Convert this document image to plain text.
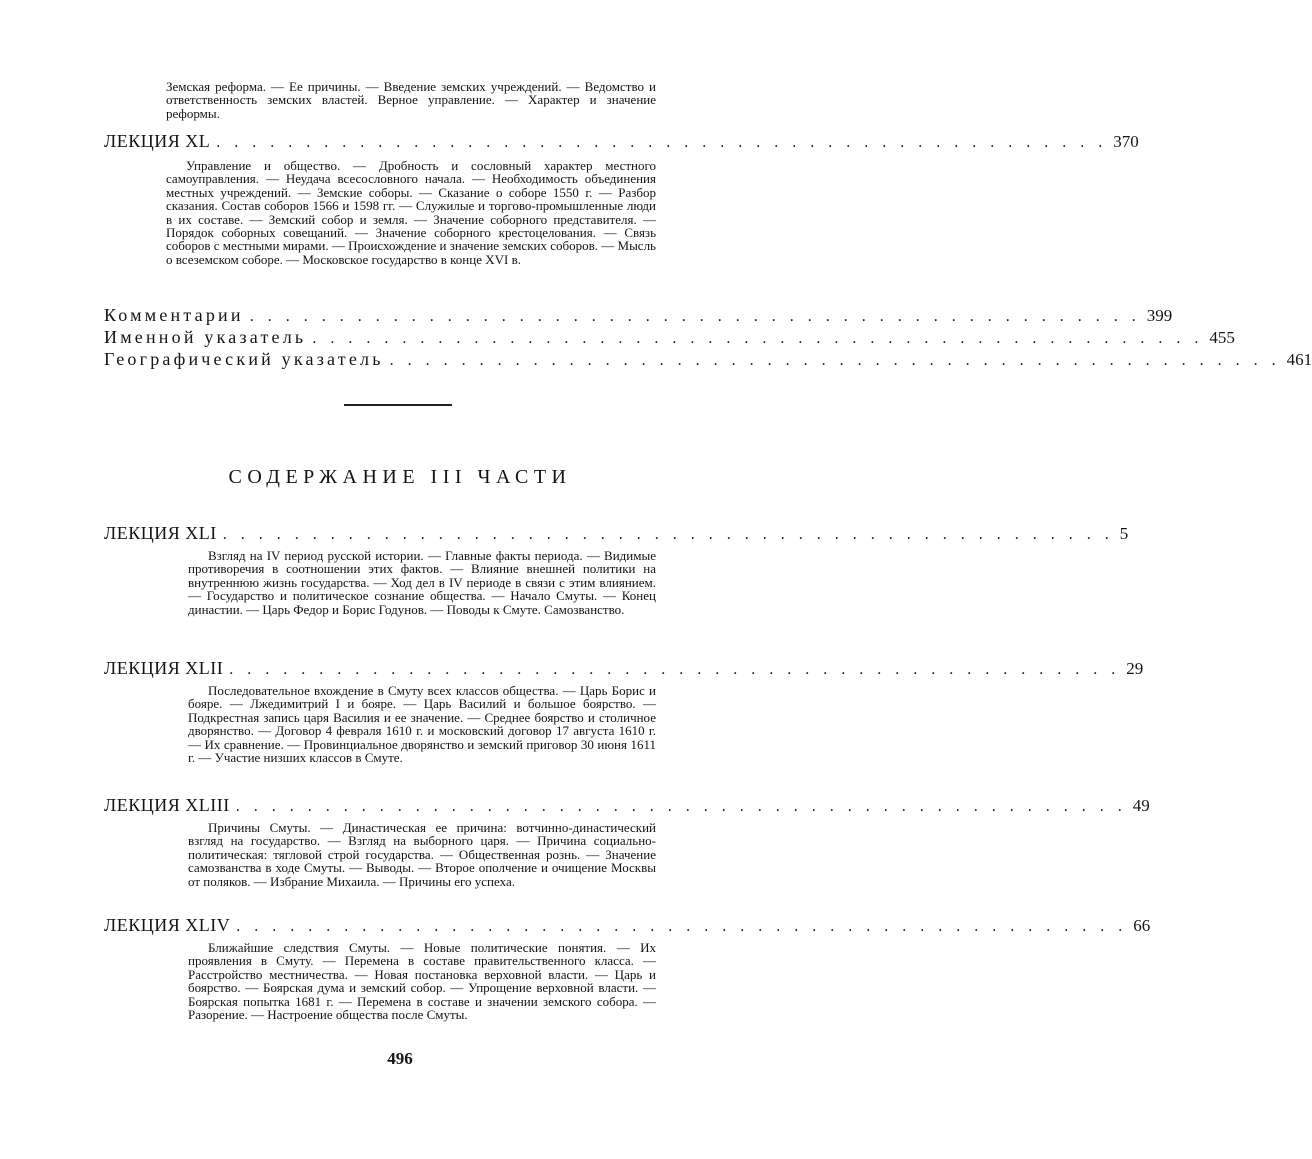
Земская реформа. — Ее причины. — Введение земских учреждений. — Ведомство и ответственность земских властей. Верное управление. — Характер и значение реформы.

ЛЕКЦИЯ XL . . . . . . . . . . . . . . . . . . . . . . . . . . . . . . . . . . . . . . . . . . . . . . . . . . 370

Управление и общество. — Дробность и сословный характер местного самоуправления. — Неудача всесословного начала. — Необходимость объединения местных учреждений. — Земские соборы. — Сказание о соборе 1550 г. — Разбор сказания. Состав соборов 1566 и 1598 гг. — Служилые и торгово-промышленные люди в их составе. — Земский собор и земля. — Значение соборного представителя. — Порядок соборных совещаний. — Значение соборного крестоцелования. — Связь соборов с местными мирами. — Происхождение и значение земских соборов. — Мысль о всеземском соборе. — Московское государство в конце XVI в.

Комментарии . . . . . . . . . . . . . . . . . . . . . . . . . . . . . . . . . . . . . . . . . . . . . . . . . . 399
Именной указатель . . . . . . . . . . . . . . . . . . . . . . . . . . . . . . . . . . . . . . . . . . . . . . . . . . 455
Географический указатель . . . . . . . . . . . . . . . . . . . . . . . . . . . . . . . . . . . . . . . . . . . . . . . . . . 461
СОДЕРЖАНИЕ III ЧАСТИ
ЛЕКЦИЯ XLI . . . . . . . . . . . . . . . . . . . . . . . . . . . . . . . . . . . . . . . . . . . . . . . . . . 5

Взгляд на IV период русской истории. — Главные факты периода. — Видимые противоречия в соотношении этих фактов. — Влияние внешней политики на внутреннюю жизнь государства. — Ход дел в IV периоде в связи с этим влиянием. — Государство и политическое сознание общества. — Начало Смуты. — Конец династии. — Царь Федор и Борис Годунов. — Поводы к Смуте. Самозванство.

ЛЕКЦИЯ XLII . . . . . . . . . . . . . . . . . . . . . . . . . . . . . . . . . . . . . . . . . . . . . . . . . . 29

Последовательное вхождение в Смуту всех классов общества. — Царь Борис и бояре. — Лжедимитрий I и бояре. — Царь Василий и большое боярство. — Подкрестная запись царя Василия и ее значение. — Среднее боярство и столичное дворянство. — Договор 4 февраля 1610 г. и московский договор 17 августа 1610 г. — Их сравнение. — Провинциальное дворянство и земский приговор 30 июня 1611 г. — Участие низших классов в Смуте.

ЛЕКЦИЯ XLIII . . . . . . . . . . . . . . . . . . . . . . . . . . . . . . . . . . . . . . . . . . . . . . . . . . 49

Причины Смуты. — Династическая ее причина: вотчинно-династический взгляд на государство. — Взгляд на выборного царя. — Причина социально-политическая: тягловой строй государства. — Общественная рознь. — Значение самозванства в ходе Смуты. — Выводы. — Второе ополчение и очищение Москвы от поляков. — Избрание Михаила. — Причины его успеха.

ЛЕКЦИЯ XLIV . . . . . . . . . . . . . . . . . . . . . . . . . . . . . . . . . . . . . . . . . . . . . . . . . . 66

Ближайшие следствия Смуты. — Новые политические понятия. — Их проявления в Смуту. — Перемена в составе правительственного класса. — Расстройство местничества. — Новая постановка верховной власти. — Царь и боярство. — Боярская дума и земский собор. — Упрощение верховной власти. — Боярская попытка 1681 г. — Перемена в составе и значении земского собора. — Разорение. — Настроение общества после Смуты.

496
